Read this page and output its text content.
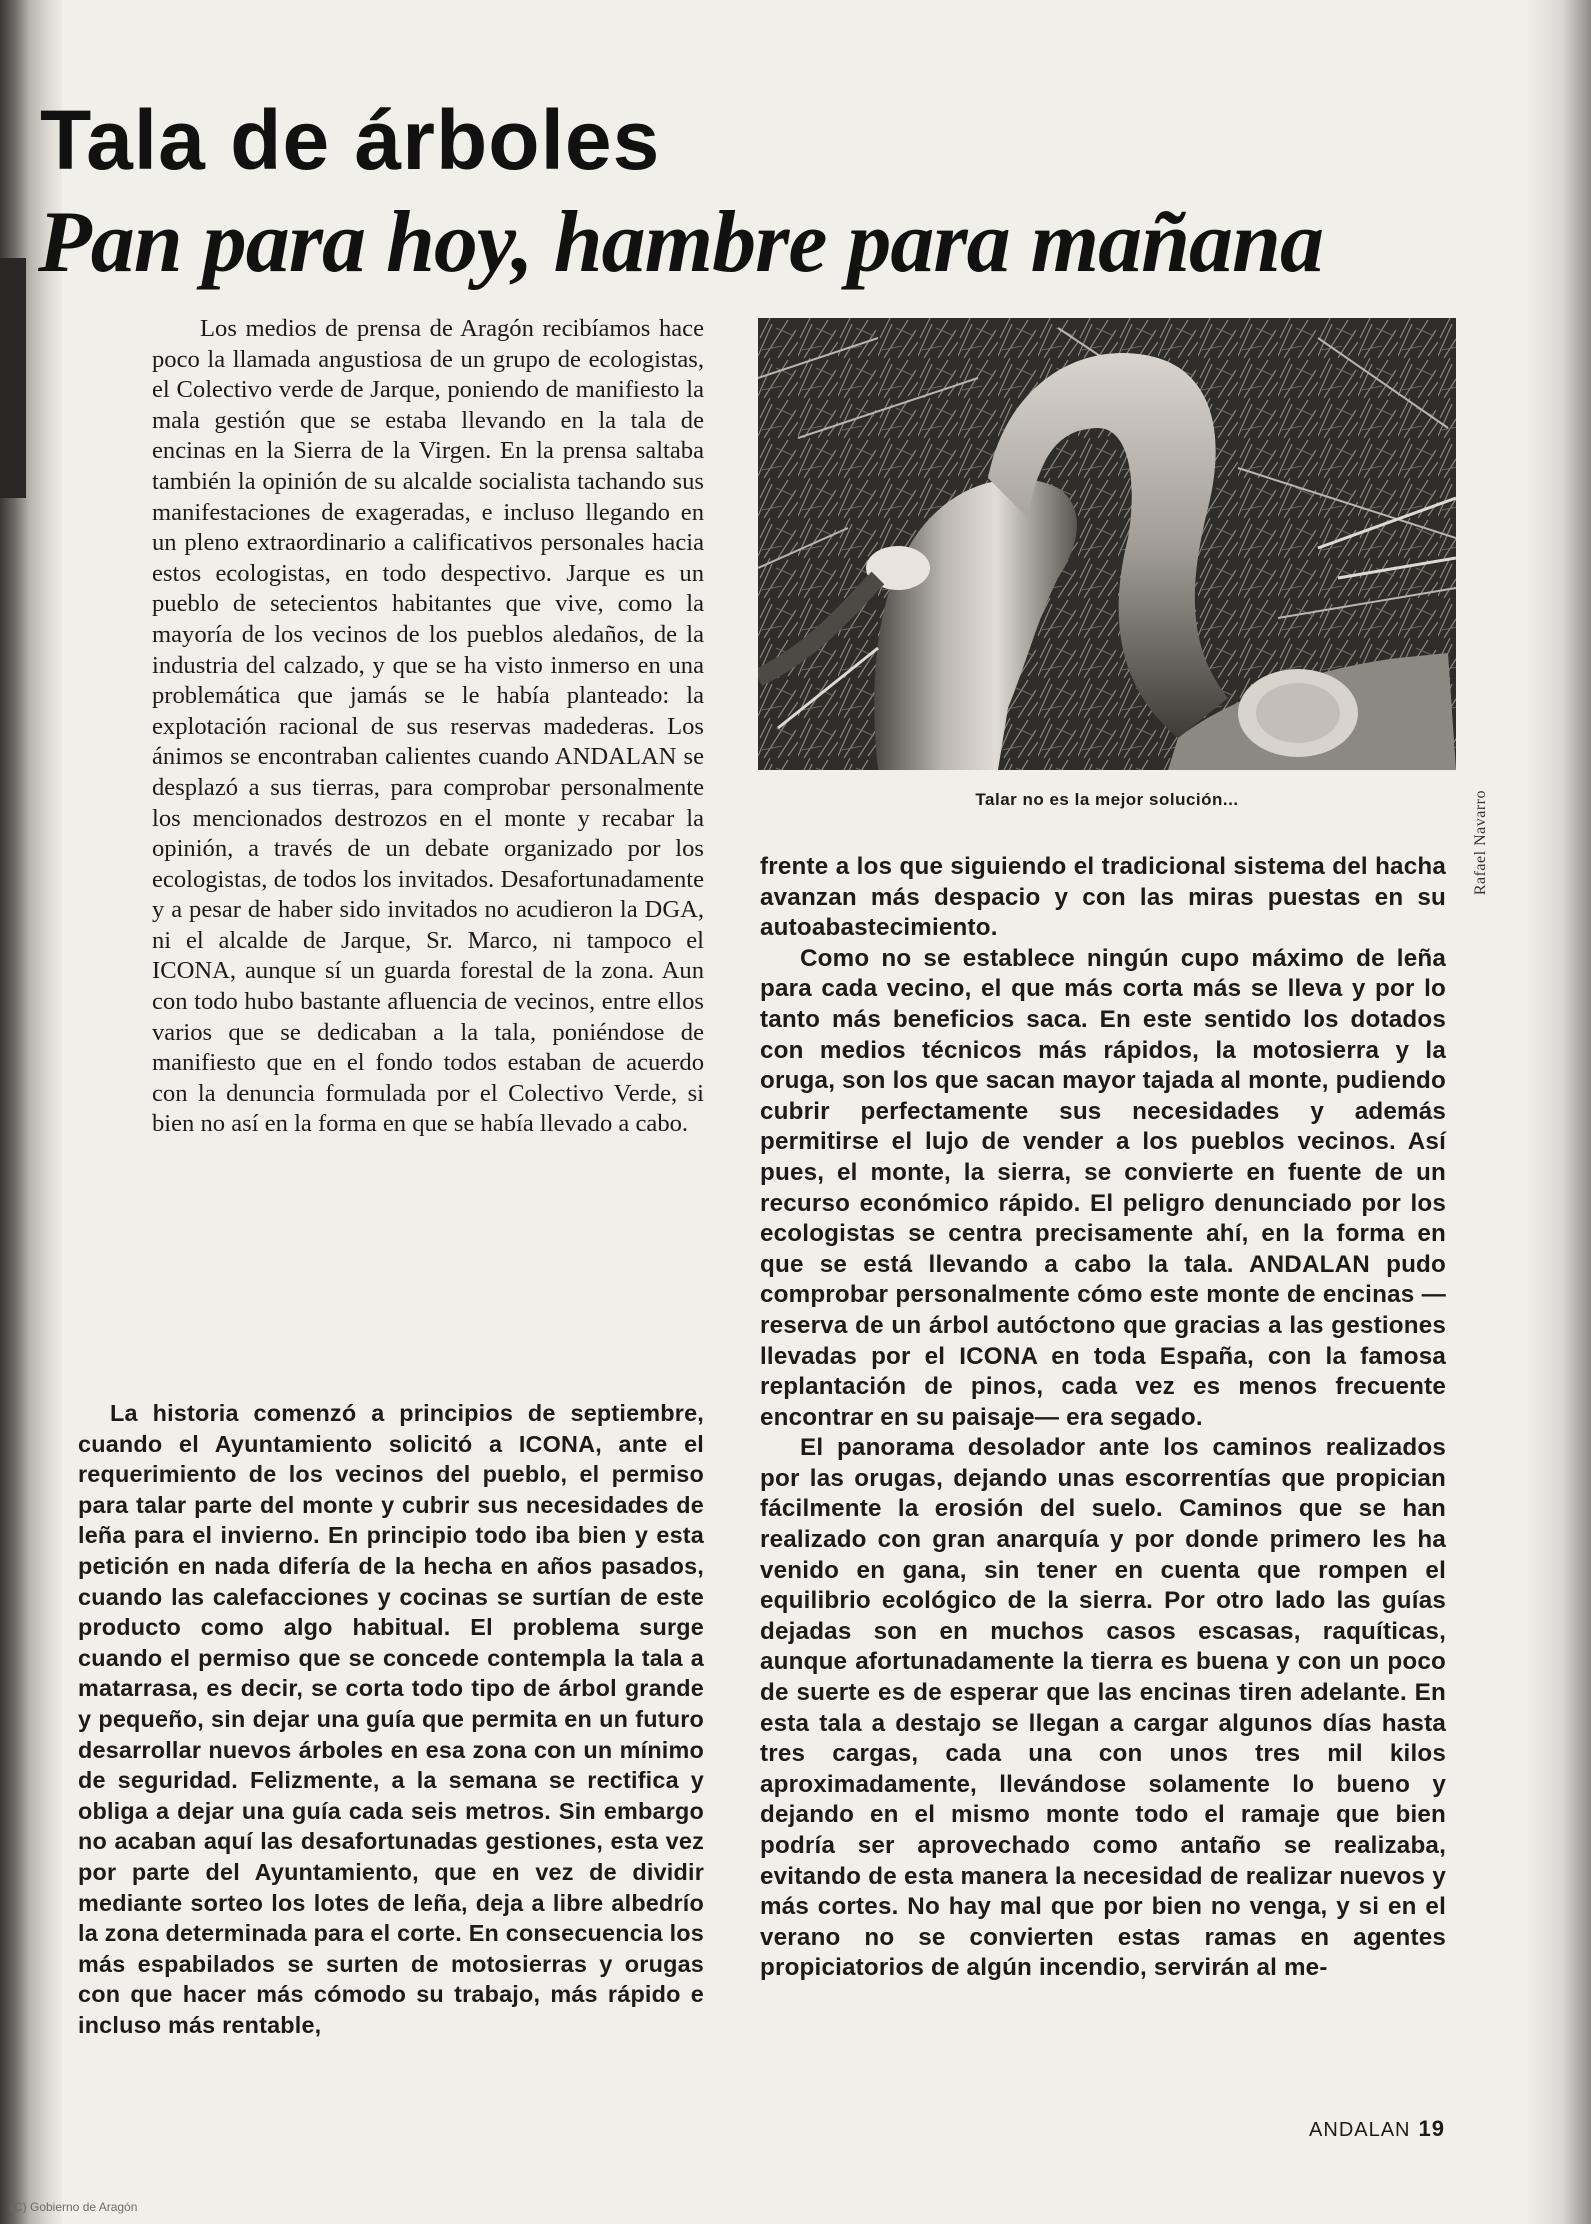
Tala de árboles
Pan para hoy, hambre para mañana

Los medios de prensa de Aragón recibíamos hace poco la llamada angustiosa de un grupo de ecologistas, el Colectivo verde de Jarque, poniendo de manifiesto la mala gestión que se estaba llevando en la tala de encinas en la Sierra de la Virgen. En la prensa saltaba también la opinión de su alcalde socialista tachando sus manifestaciones de exageradas, e incluso llegando en un pleno extraordinario a calificativos personales hacia estos ecologistas, en todo despectivo. Jarque es un pueblo de setecientos habitantes que vive, como la mayoría de los vecinos de los pueblos aledaños, de la industria del calzado, y que se ha visto inmerso en una problemática que jamás se le había planteado: la explotación racional de sus reservas madederas. Los ánimos se encontraban calientes cuando ANDALAN se desplazó a sus tierras, para comprobar personalmente los mencionados destrozos en el monte y recabar la opinión, a través de un debate organizado por los ecologistas, de todos los invitados. Desafortunadamente y a pesar de haber sido invitados no acudieron la DGA, ni el alcalde de Jarque, Sr. Marco, ni tampoco el ICONA, aunque sí un guarda forestal de la zona. Aun con todo hubo bastante afluencia de vecinos, entre ellos varios que se dedicaban a la tala, poniéndose de manifiesto que en el fondo todos estaban de acuerdo con la denuncia formulada por el Colectivo Verde, si bien no así en la forma en que se había llevado a cabo.

La historia comenzó a principios de septiembre, cuando el Ayuntamiento solicitó a ICONA, ante el requerimiento de los vecinos del pueblo, el permiso para talar parte del monte y cubrir sus necesidades de leña para el invierno. En principio todo iba bien y esta petición en nada difería de la hecha en años pasados, cuando las calefacciones y cocinas se surtían de este producto como algo habitual. El problema surge cuando el permiso que se concede contempla la tala a matarrasa, es decir, se corta todo tipo de árbol grande y pequeño, sin dejar una guía que permita en un futuro desarrollar nuevos árboles en esa zona con un mínimo de seguridad. Felizmente, a la semana se rectifica y obliga a dejar una guía cada seis metros. Sin embargo no acaban aquí las desafortunadas gestiones, esta vez por parte del Ayuntamiento, que en vez de dividir mediante sorteo los lotes de leña, deja a libre albedrío la zona determinada para el corte. En consecuencia los más espabilados se surten de motosierras y orugas con que hacer más cómodo su trabajo, más rápido e incluso más rentable,

Rafael Navarro
Talar no es la mejor solución...

frente a los que siguiendo el tradicional sistema del hacha avanzan más despacio y con las miras puestas en su autoabastecimiento.

Como no se establece ningún cupo máximo de leña para cada vecino, el que más corta más se lleva y por lo tanto más beneficios saca. En este sentido los dotados con medios técnicos más rápidos, la motosierra y la oruga, son los que sacan mayor tajada al monte, pudiendo cubrir perfectamente sus necesidades y además permitirse el lujo de vender a los pueblos vecinos. Así pues, el monte, la sierra, se convierte en fuente de un recurso económico rápido. El peligro denunciado por los ecologistas se centra precisamente ahí, en la forma en que se está llevando a cabo la tala. ANDALAN pudo comprobar personalmente cómo este monte de encinas —reserva de un árbol autóctono que gracias a las gestiones llevadas por el ICONA en toda España, con la famosa replantación de pinos, cada vez es menos frecuente encontrar en su paisaje— era segado.

El panorama desolador ante los caminos realizados por las orugas, dejando unas escorrentías que propician fácilmente la erosión del suelo. Caminos que se han realizado con gran anarquía y por donde primero les ha venido en gana, sin tener en cuenta que rompen el equilibrio ecológico de la sierra. Por otro lado las guías dejadas son en muchos casos escasas, raquíticas, aunque afortunadamente la tierra es buena y con un poco de suerte es de esperar que las encinas tiren adelante. En esta tala a destajo se llegan a cargar algunos días hasta tres cargas, cada una con unos tres mil kilos aproximadamente, llevándose solamente lo bueno y dejando en el mismo monte todo el ramaje que bien podría ser aprovechado como antaño se realizaba, evitando de esta manera la necesidad de realizar nuevos y más cortes. No hay mal que por bien no venga, y si en el verano no se convierten estas ramas en agentes propiciatorios de algún incendio, servirán al me-

ANDALAN 19
(C) Gobierno de Aragón
